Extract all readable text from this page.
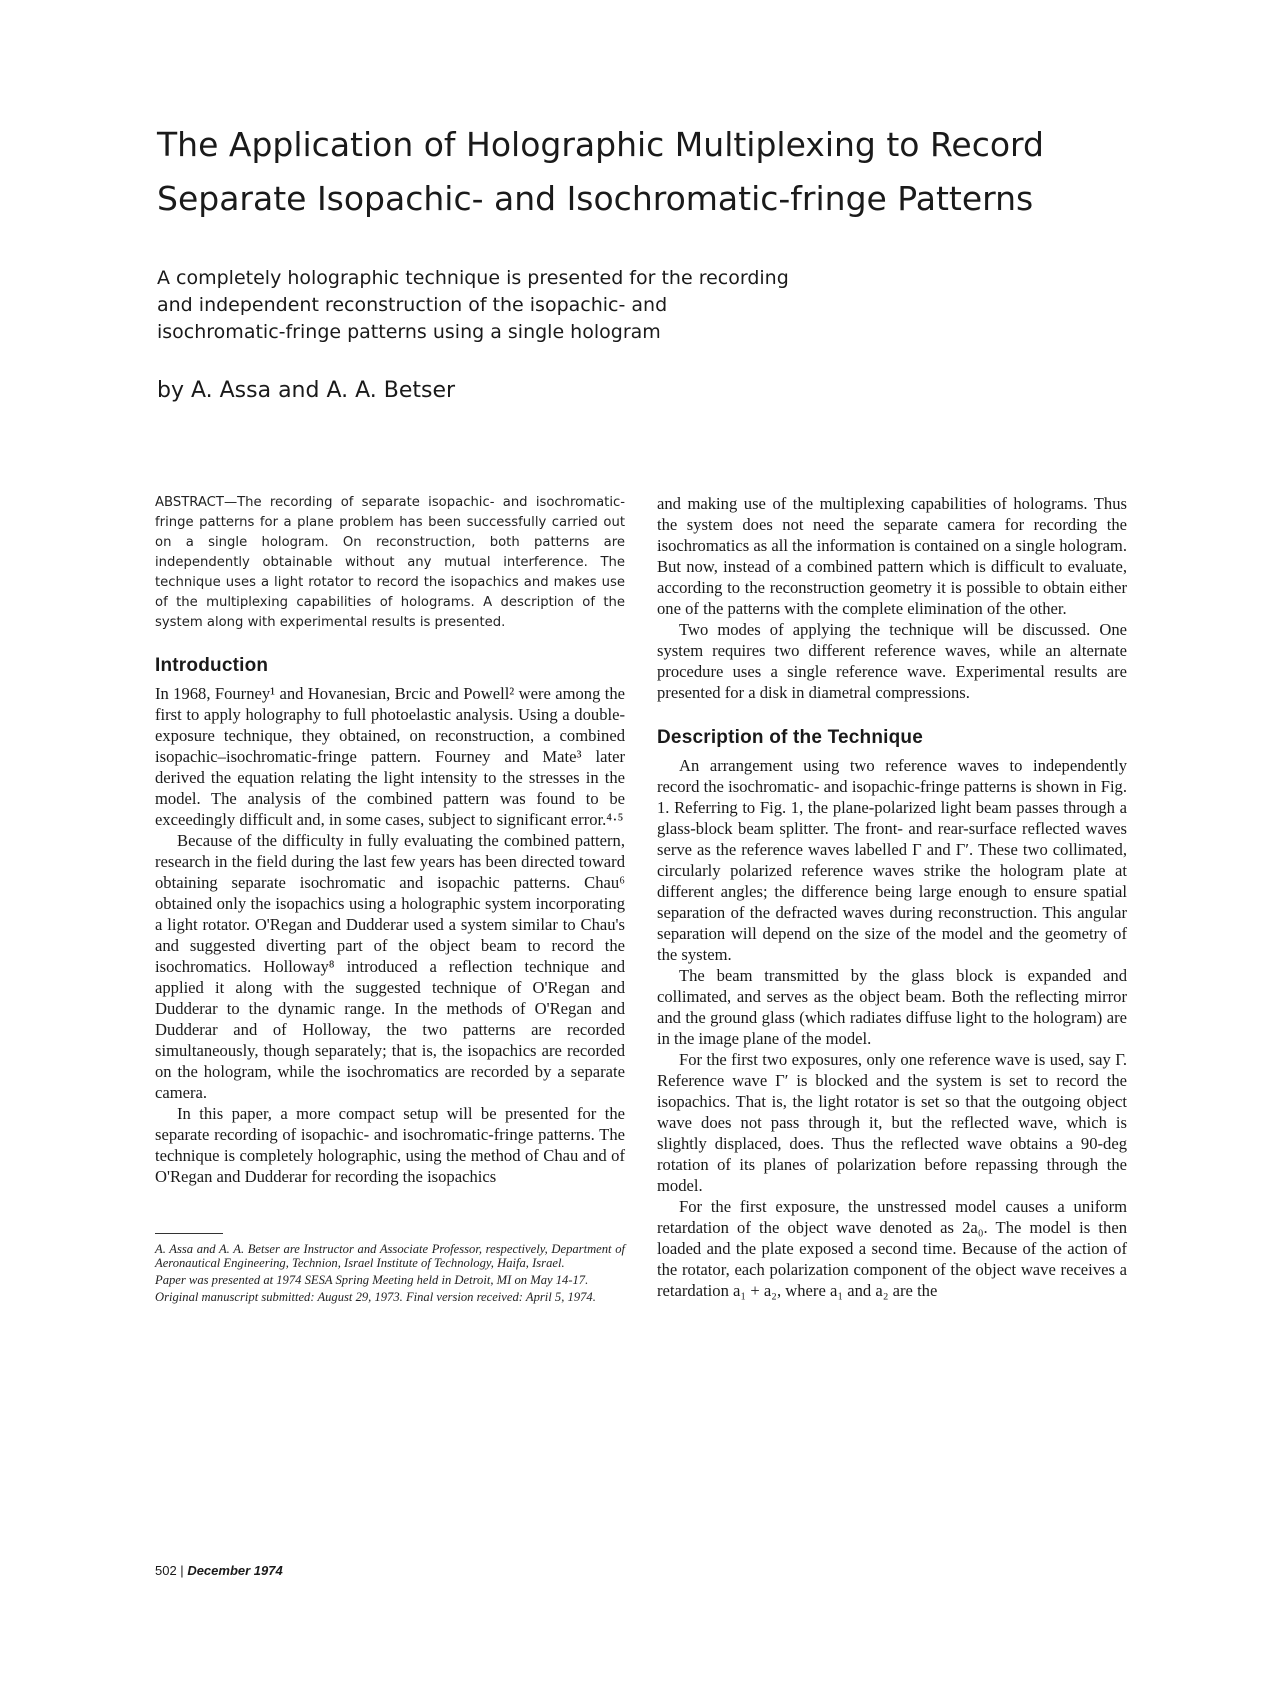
The Application of Holographic Multiplexing to Record
Separate Isopachic- and Isochromatic-fringe Patterns

A completely holographic technique is presented for the recording and independent reconstruction of the isopachic- and isochromatic-fringe patterns using a single hologram

by A. Assa and A. A. Betser

ABSTRACT—The recording of separate isopachic- and isochromatic-fringe patterns for a plane problem has been successfully carried out on a single hologram. On reconstruction, both patterns are independently obtainable without any mutual interference. The technique uses a light rotator to record the isopachics and makes use of the multiplexing capabilities of holograms. A description of the system along with experimental results is presented.

Introduction

In 1968, Fourney¹ and Hovanesian, Brcic and Powell² were among the first to apply holography to full photoelastic analysis. Using a double-exposure technique, they obtained, on reconstruction, a combined isopachic–isochromatic-fringe pattern. Fourney and Mate³ later derived the equation relating the light intensity to the stresses in the model. The analysis of the combined pattern was found to be exceedingly difficult and, in some cases, subject to significant error.⁴·⁵

Because of the difficulty in fully evaluating the combined pattern, research in the field during the last few years has been directed toward obtaining separate isochromatic and isopachic patterns. Chau⁶ obtained only the isopachics using a holographic system incorporating a light rotator. O'Regan and Dudderar used a system similar to Chau's and suggested diverting part of the object beam to record the isochromatics. Holloway⁸ introduced a reflection technique and applied it along with the suggested technique of O'Regan and Dudderar to the dynamic range. In the methods of O'Regan and Dudderar and of Holloway, the two patterns are recorded simultaneously, though separately; that is, the isopachics are recorded on the hologram, while the isochromatics are recorded by a separate camera.

In this paper, a more compact setup will be presented for the separate recording of isopachic- and isochromatic-fringe patterns. The technique is completely holographic, using the method of Chau and of O'Regan and Dudderar for recording the isopachics

A. Assa and A. A. Betser are Instructor and Associate Professor, respectively, Department of Aeronautical Engineering, Technion, Israel Institute of Technology, Haifa, Israel.

Paper was presented at 1974 SESA Spring Meeting held in Detroit, MI on May 14-17.

Original manuscript submitted: August 29, 1973. Final version received: April 5, 1974.

and making use of the multiplexing capabilities of holograms. Thus the system does not need the separate camera for recording the isochromatics as all the information is contained on a single hologram. But now, instead of a combined pattern which is difficult to evaluate, according to the reconstruction geometry it is possible to obtain either one of the patterns with the complete elimination of the other.

Two modes of applying the technique will be discussed. One system requires two different reference waves, while an alternate procedure uses a single reference wave. Experimental results are presented for a disk in diametral compressions.

Description of the Technique

An arrangement using two reference waves to independently record the isochromatic- and isopachic-fringe patterns is shown in Fig. 1. Referring to Fig. 1, the plane-polarized light beam passes through a glass-block beam splitter. The front- and rear-surface reflected waves serve as the reference waves labelled Γ and Γ′. These two collimated, circularly polarized reference waves strike the hologram plate at different angles; the difference being large enough to ensure spatial separation of the defracted waves during reconstruction. This angular separation will depend on the size of the model and the geometry of the system.

The beam transmitted by the glass block is expanded and collimated, and serves as the object beam. Both the reflecting mirror and the ground glass (which radiates diffuse light to the hologram) are in the image plane of the model.

For the first two exposures, only one reference wave is used, say Γ. Reference wave Γ′ is blocked and the system is set to record the isopachics. That is, the light rotator is set so that the outgoing object wave does not pass through it, but the reflected wave, which is slightly displaced, does. Thus the reflected wave obtains a 90-deg rotation of its planes of polarization before repassing through the model.

For the first exposure, the unstressed model causes a uniform retardation of the object wave denoted as 2a₀. The model is then loaded and the plate exposed a second time. Because of the action of the rotator, each polarization component of the object wave receives a retardation a₁ + a₂, where a₁ and a₂ are the

502 | December 1974
